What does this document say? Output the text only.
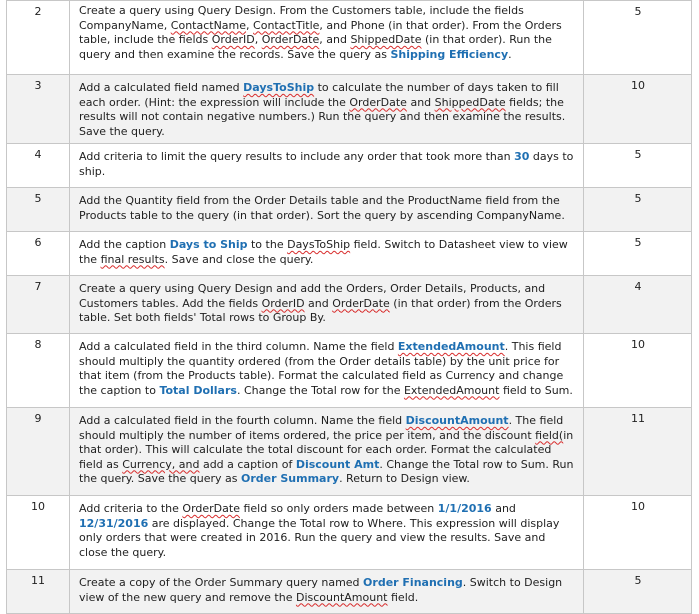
2	Create a query using Query Design. From the Customers table, include the fields CompanyName, ContactName, ContactTitle, and Phone (in that order). From the Orders table, include the fields OrderID, OrderDate, and ShippedDate (in that order). Run the query and then examine the records. Save the query as Shipping Efficiency.	5
3	Add a calculated field named DaysToShip to calculate the number of days taken to fill each order. (Hint: the expression will include the OrderDate and ShippedDate fields; the results will not contain negative numbers.) Run the query and then examine the results. Save the query.	10
4	Add criteria to limit the query results to include any order that took more than 30 days to ship.	5
5	Add the Quantity field from the Order Details table and the ProductName field from the Products table to the query (in that order). Sort the query by ascending CompanyName.	5
6	Add the caption Days to Ship to the DaysToShip field. Switch to Datasheet view to view the final results. Save and close the query.	5
7	Create a query using Query Design and add the Orders, Order Details, Products, and Customers tables. Add the fields OrderID and OrderDate (in that order) from the Orders table. Set both fields' Total rows to Group By.	4
8	Add a calculated field in the third column. Name the field ExtendedAmount. This field should multiply the quantity ordered (from the Order details table) by the unit price for that item (from the Products table). Format the calculated field as Currency and change the caption to Total Dollars. Change the Total row for the ExtendedAmount field to Sum.	10
9	Add a calculated field in the fourth column. Name the field DiscountAmount. The field should multiply the number of items ordered, the price per item, and the discount field(in that order). This will calculate the total discount for each order. Format the calculated field as Currency, and add a caption of Discount Amt. Change the Total row to Sum. Run the query. Save the query as Order Summary. Return to Design view.	11
10	Add criteria to the OrderDate field so only orders made between 1/1/2016 and 12/31/2016 are displayed. Change the Total row to Where. This expression will display only orders that were created in 2016. Run the query and view the results. Save and close the query.	10
11	Create a copy of the Order Summary query named Order Financing. Switch to Design view of the new query and remove the DiscountAmount field.	5
